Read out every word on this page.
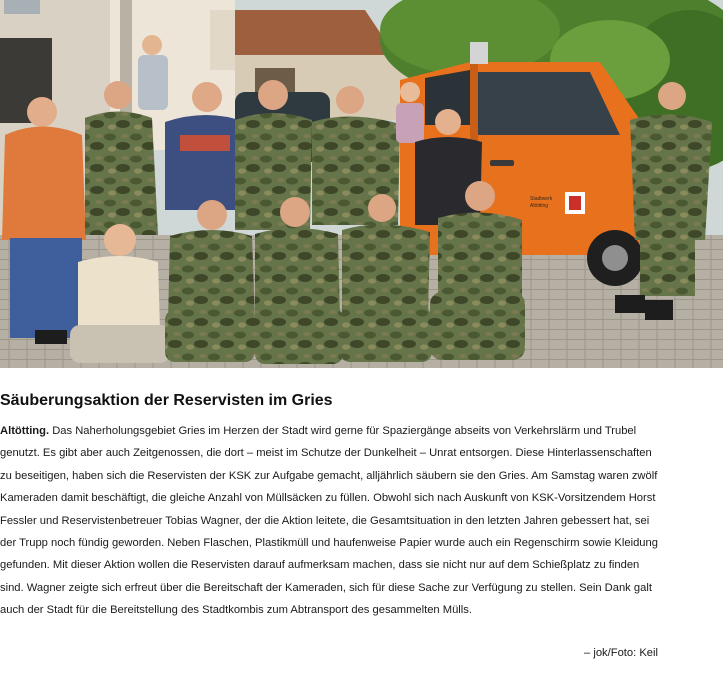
Stadtwerk
Altötting
Säuberungsaktion der Reservisten im Gries

Altötting. Das Naherholungsgebiet Gries im Herzen der Stadt wird gerne für Spaziergänge abseits von Verkehrslärm und Trubel genutzt. Es gibt aber auch Zeitgenossen, die dort – meist im Schutze der Dunkelheit – Unrat entsorgen. Diese Hinterlassenschaften zu beseitigen, haben sich die Reservisten der KSK zur Aufgabe gemacht, alljährlich säubern sie den Gries. Am Samstag waren zwölf Kameraden damit beschäftigt, die gleiche Anzahl von Müllsäcken zu füllen. Obwohl sich nach Auskunft von KSK-Vorsitzendem Horst Fessler und Reservistenbetreuer Tobias Wagner, der die Aktion leitete, die Gesamtsituation in den letzten Jahren gebessert hat, sei der Trupp noch fündig geworden. Neben Flaschen, Plastikmüll und haufenweise Papier wurde auch ein Regenschirm sowie Kleidung gefunden. Mit dieser Aktion wollen die Reservisten darauf aufmerksam machen, dass sie nicht nur auf dem Schießplatz zu finden sind. Wagner zeigte sich erfreut über die Bereitschaft der Kameraden, sich für diese Sache zur Verfügung zu stellen. Sein Dank galt auch der Stadt für die Bereitstellung des Stadtkombis zum Abtransport des gesammelten Mülls.

– jok/Foto: Keil
